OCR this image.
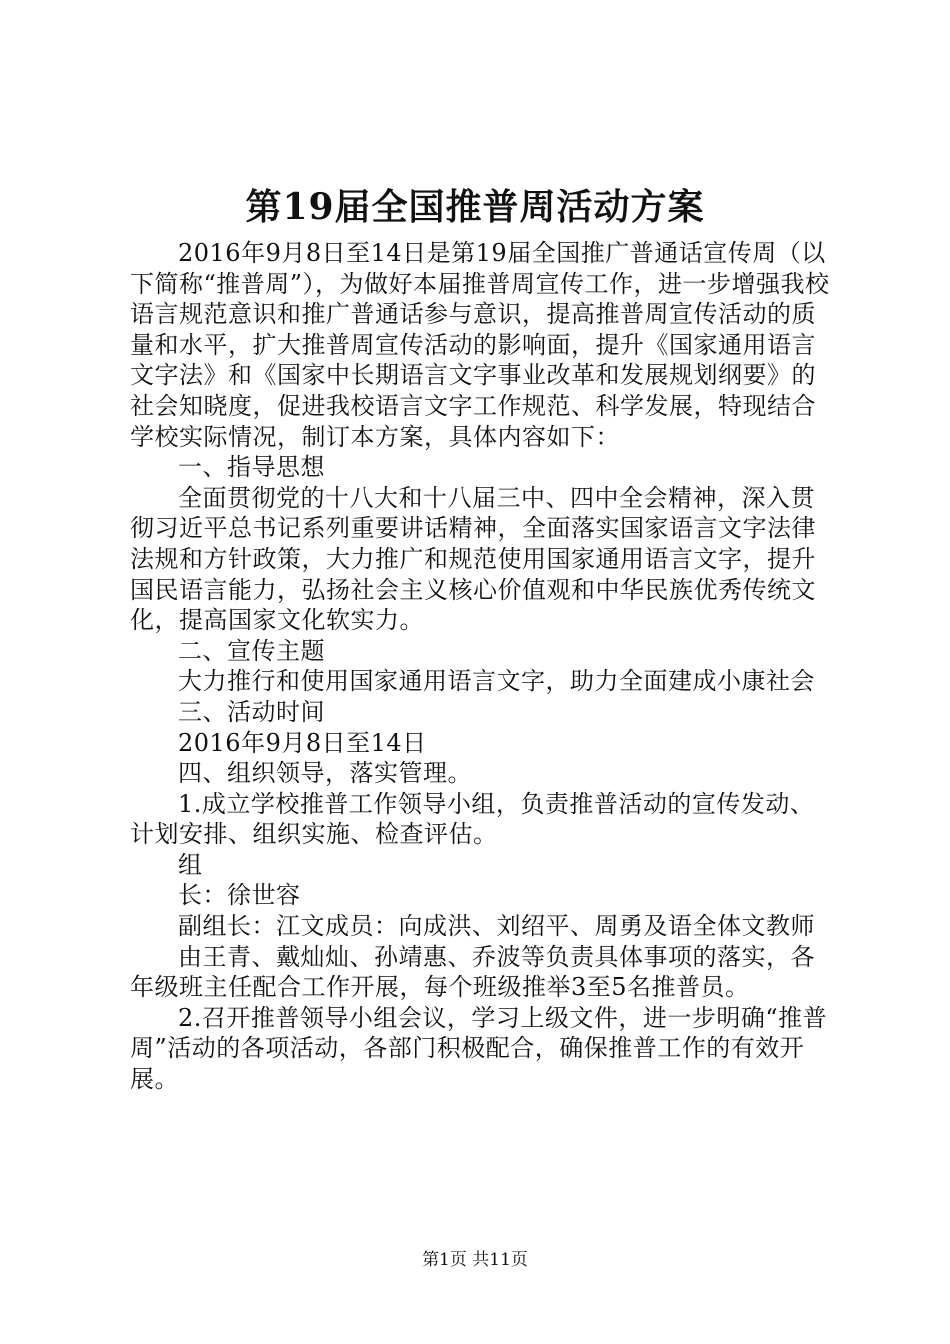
第19届全国推普周活动方案

2016年9月8日至14日是第19届全国推广普通话宣传周（以下简称“推普周”），为做好本届推普周宣传工作，进一步增强我校语言规范意识和推广普通话参与意识，提高推普周宣传活动的质量和水平，扩大推普周宣传活动的影响面，提升《国家通用语言文字法》和《国家中长期语言文字事业改革和发展规划纲要》的社会知晓度，促进我校语言文字工作规范、科学发展，特现结合学校实际情况，制订本方案，具体内容如下：

一、指导思想

全面贯彻党的十八大和十八届三中、四中全会精神，深入贯彻习近平总书记系列重要讲话精神，全面落实国家语言文字法律法规和方针政策，大力推广和规范使用国家通用语言文字，提升国民语言能力，弘扬社会主义核心价值观和中华民族优秀传统文化，提高国家文化软实力。

二、宣传主题

大力推行和使用国家通用语言文字，助力全面建成小康社会

三、活动时间

2016年9月8日至14日

四、组织领导，落实管理。

1.成立学校推普工作领导小组，负责推普活动的宣传发动、计划安排、组织实施、检查评估。

组

长：徐世容

副组长：江文成员：向成洪、刘绍平、周勇及语全体文教师

由王青、戴灿灿、孙靖惠、乔波等负责具体事项的落实，各年级班主任配合工作开展，每个班级推举3至5名推普员。

2.召开推普领导小组会议，学习上级文件，进一步明确“推普周”活动的各项活动，各部门积极配合，确保推普工作的有效开展。

第1页 共11页
